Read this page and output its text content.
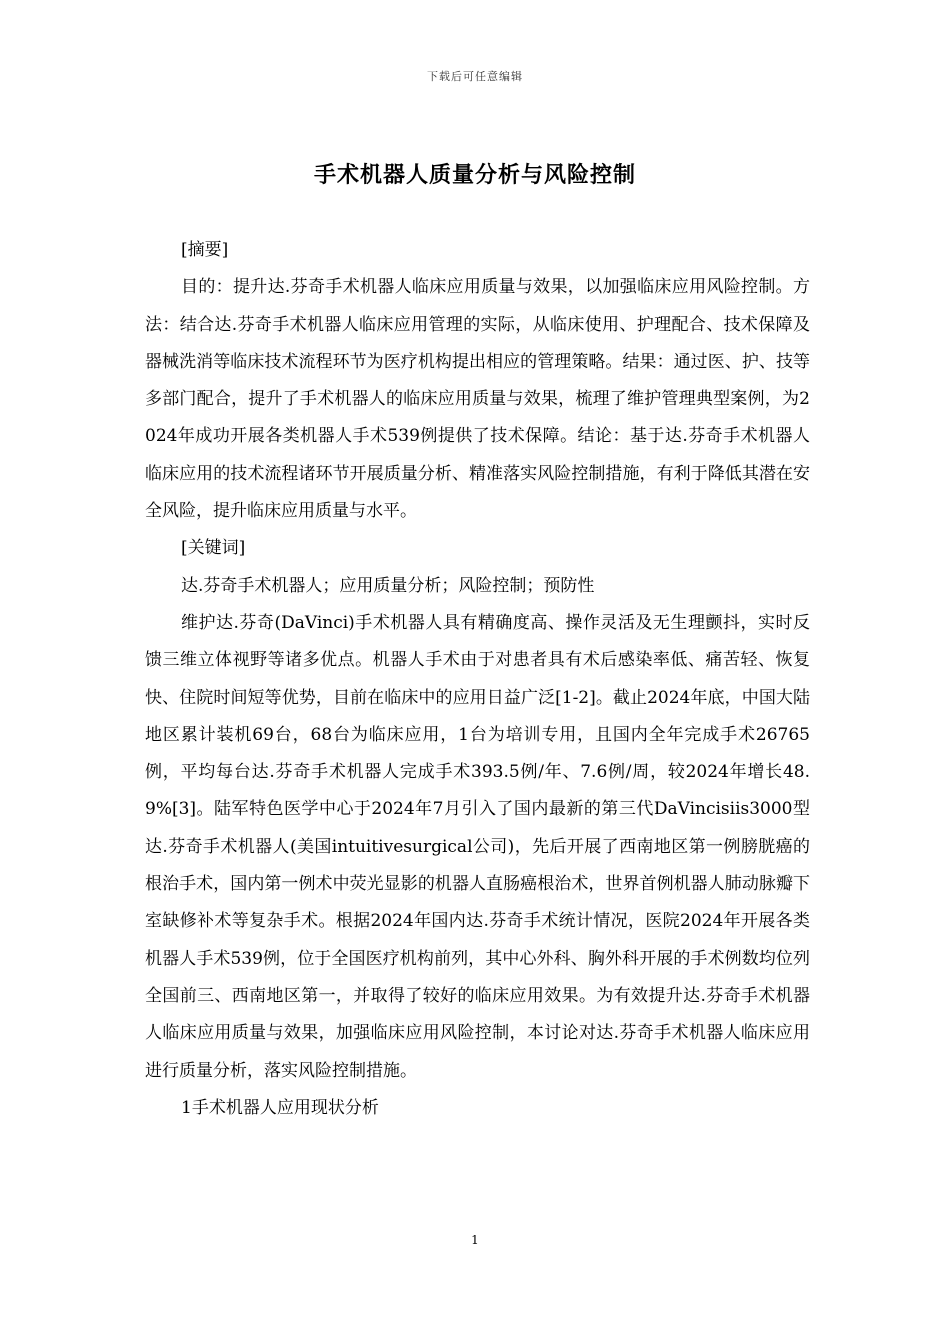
下载后可任意编辑
手术机器人质量分析与风险控制

[摘要]

目的：提升达.芬奇手术机器人临床应用质量与效果，以加强临床应用风险控制。方法：结合达.芬奇手术机器人临床应用管理的实际，从临床使用、护理配合、技术保障及器械洗消等临床技术流程环节为医疗机构提出相应的管理策略。结果：通过医、护、技等多部门配合，提升了手术机器人的临床应用质量与效果，梳理了维护管理典型案例，为2024年成功开展各类机器人手术539例提供了技术保障。结论：基于达.芬奇手术机器人临床应用的技术流程诸环节开展质量分析、精准落实风险控制措施，有利于降低其潜在安全风险，提升临床应用质量与水平。

[关键词]

达.芬奇手术机器人；应用质量分析；风险控制；预防性

维护达.芬奇(DaVinci)手术机器人具有精确度高、操作灵活及无生理颤抖，实时反馈三维立体视野等诸多优点。机器人手术由于对患者具有术后感染率低、痛苦轻、恢复快、住院时间短等优势，目前在临床中的应用日益广泛[1-2]。截止2024年底，中国大陆地区累计装机69台，68台为临床应用，1台为培训专用，且国内全年完成手术26765例，平均每台达.芬奇手术机器人完成手术393.5例/年、7.6例/周，较2024年增长48.9%[3]。陆军特色医学中心于2024年7月引入了国内最新的第三代DaVincisiis3000型达.芬奇手术机器人(美国intuitivesurgical公司)，先后开展了西南地区第一例膀胱癌的根治手术，国内第一例术中荧光显影的机器人直肠癌根治术，世界首例机器人肺动脉瓣下室缺修补术等复杂手术。根据2024年国内达.芬奇手术统计情况，医院2024年开展各类机器人手术539例，位于全国医疗机构前列，其中心外科、胸外科开展的手术例数均位列全国前三、西南地区第一，并取得了较好的临床应用效果。为有效提升达.芬奇手术机器人临床应用质量与效果，加强临床应用风险控制，本讨论对达.芬奇手术机器人临床应用进行质量分析，落实风险控制措施。

1手术机器人应用现状分析

1
